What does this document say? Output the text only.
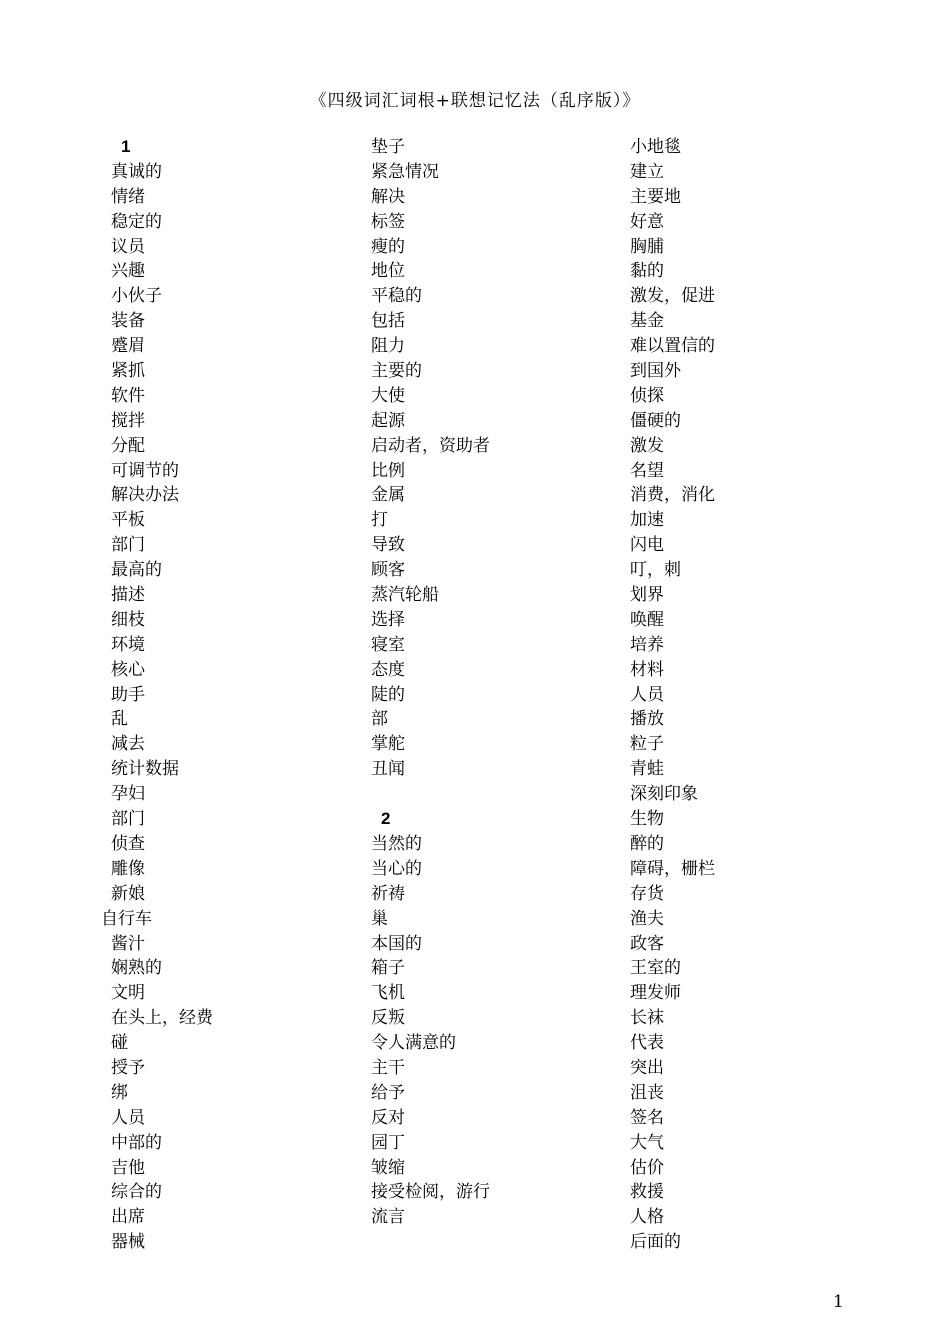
《四级词汇词根+联想记忆法（乱序版）》
1
真诚的
情绪
稳定的
议员
兴趣
小伙子
装备
蹙眉
紧抓
软件
搅拌
分配
可调节的
解决办法
平板
部门
最高的
描述
细枝
环境
核心
助手
乱
减去
统计数据
孕妇
部门
侦查
雕像
新娘
自行车
酱汁
娴熟的
文明
在头上，经费
碰
授予
绑
人员
中部的
吉他
综合的
出席
器械
垫子
紧急情况
解决
标签
瘦的
地位
平稳的
包括
阻力
主要的
大使
起源
启动者，资助者
比例
金属
打
导致
顾客
蒸汽轮船
选择
寝室
态度
陡的
部
掌舵
丑闻
2
当然的
当心的
祈祷
巢
本国的
箱子
飞机
反叛
令人满意的
主干
给予
反对
园丁
皱缩
接受检阅，游行
流言
小地毯
建立
主要地
好意
胸脯
黏的
激发，促进
基金
难以置信的
到国外
侦探
僵硬的
激发
名望
消费，消化
加速
闪电
叮，刺
划界
唤醒
培养
材料
人员
播放
粒子
青蛙
深刻印象
生物
醉的
障碍，栅栏
存货
渔夫
政客
王室的
理发师
长袜
代表
突出
沮丧
签名
大气
估价
救援
人格
后面的
1
